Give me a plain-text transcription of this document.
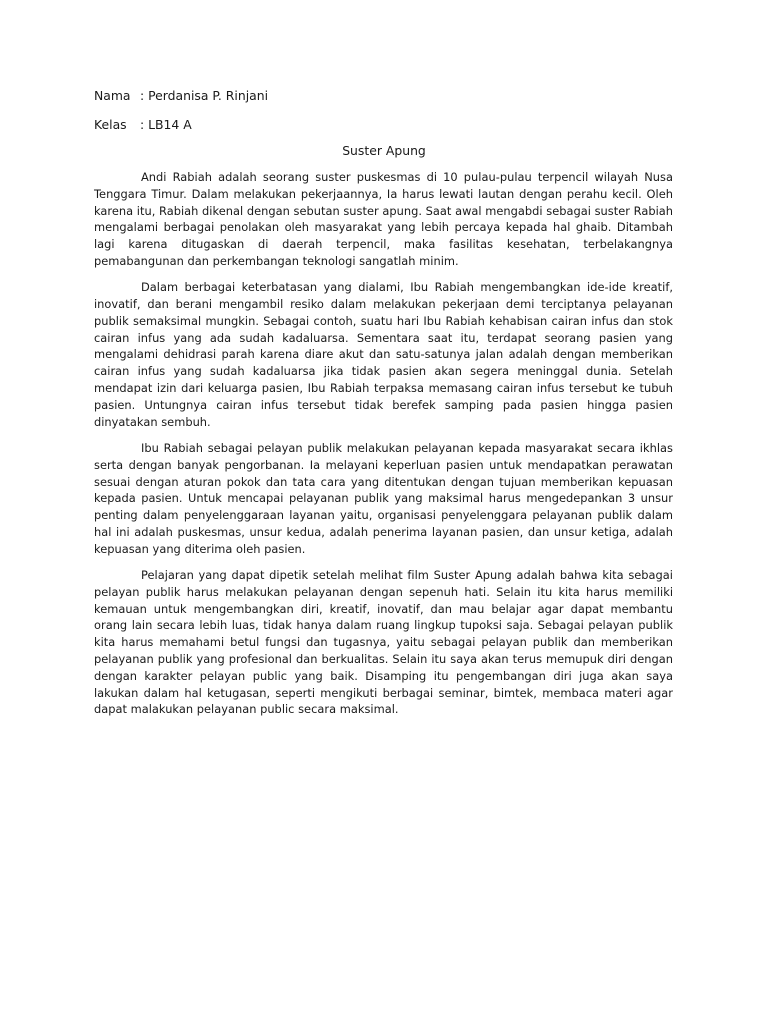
Nama : Perdanisa P. Rinjani
Kelas : LB14 A
Suster Apung

Andi Rabiah adalah seorang suster puskesmas di 10 pulau-pulau terpencil wilayah Nusa Tenggara Timur. Dalam melakukan pekerjaannya, Ia harus lewati lautan dengan perahu kecil. Oleh karena itu, Rabiah dikenal dengan sebutan suster apung. Saat awal mengabdi sebagai suster Rabiah mengalami berbagai penolakan oleh masyarakat yang lebih percaya kepada hal ghaib. Ditambah lagi karena ditugaskan di daerah terpencil, maka fasilitas kesehatan, terbelakangnya pemabangunan dan perkembangan teknologi sangatlah minim.

Dalam berbagai keterbatasan yang dialami, Ibu Rabiah mengembangkan ide-ide kreatif, inovatif, dan berani mengambil resiko dalam melakukan pekerjaan demi terciptanya pelayanan publik semaksimal mungkin. Sebagai contoh, suatu hari Ibu Rabiah kehabisan cairan infus dan stok cairan infus yang ada sudah kadaluarsa. Sementara saat itu, terdapat seorang pasien yang mengalami dehidrasi parah karena diare akut dan satu-satunya jalan adalah dengan memberikan cairan infus yang sudah kadaluarsa jika tidak pasien akan segera meninggal dunia. Setelah mendapat izin dari keluarga pasien, Ibu Rabiah terpaksa memasang cairan infus tersebut ke tubuh pasien. Untungnya cairan infus tersebut tidak berefek samping pada pasien hingga pasien dinyatakan sembuh.

Ibu Rabiah sebagai pelayan publik melakukan pelayanan kepada masyarakat secara ikhlas serta dengan banyak pengorbanan. Ia melayani keperluan pasien untuk mendapatkan perawatan sesuai dengan aturan pokok dan tata cara yang ditentukan dengan tujuan memberikan kepuasan kepada pasien. Untuk mencapai pelayanan publik yang maksimal harus mengedepankan 3 unsur penting dalam penyelenggaraan layanan yaitu, organisasi penyelenggara pelayanan publik dalam hal ini adalah puskesmas, unsur kedua, adalah penerima layanan pasien, dan unsur ketiga, adalah kepuasan yang diterima oleh pasien.

Pelajaran yang dapat dipetik setelah melihat film Suster Apung adalah bahwa kita sebagai pelayan publik harus melakukan pelayanan dengan sepenuh hati. Selain itu kita harus memiliki kemauan untuk mengembangkan diri, kreatif, inovatif, dan mau belajar agar dapat membantu orang lain secara lebih luas, tidak hanya dalam ruang lingkup tupoksi saja. Sebagai pelayan publik kita harus memahami betul fungsi dan tugasnya, yaitu sebagai pelayan publik dan memberikan pelayanan publik yang profesional dan berkualitas. Selain itu saya akan terus memupuk diri dengan dengan karakter pelayan public yang baik. Disamping itu pengembangan diri juga akan saya lakukan dalam hal ketugasan, seperti mengikuti berbagai seminar, bimtek, membaca materi agar dapat malakukan pelayanan public secara maksimal.
